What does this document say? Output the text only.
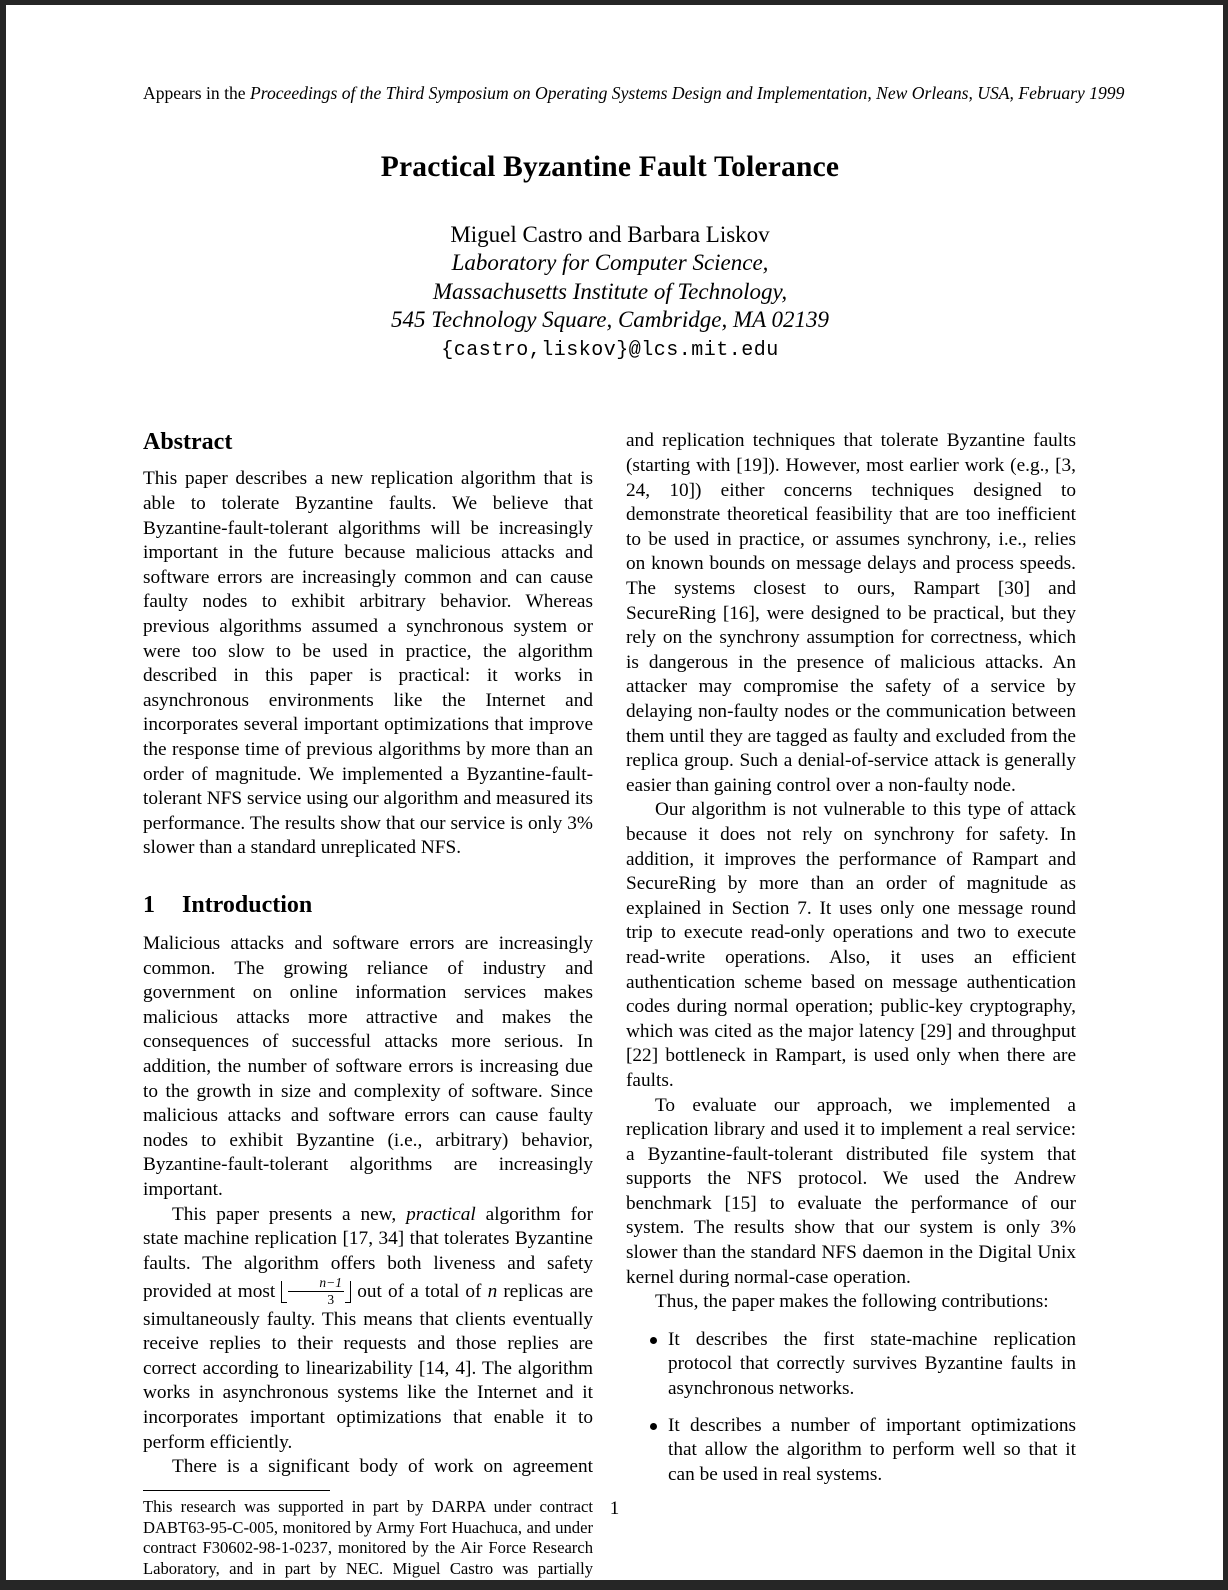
Appears in the Proceedings of the Third Symposium on Operating Systems Design and Implementation, New Orleans, USA, February 1999
Practical Byzantine Fault Tolerance
Miguel Castro and Barbara Liskov
Laboratory for Computer Science,
Massachusetts Institute of Technology,
545 Technology Square, Cambridge, MA 02139
{castro,liskov}@lcs.mit.edu
Abstract

This paper describes a new replication algorithm that is able to tolerate Byzantine faults. We believe that Byzantine-fault-tolerant algorithms will be increasingly important in the future because malicious attacks and software errors are increasingly common and can cause faulty nodes to exhibit arbitrary behavior. Whereas previous algorithms assumed a synchronous system or were too slow to be used in practice, the algorithm described in this paper is practical: it works in asynchronous environments like the Internet and incorporates several important optimizations that improve the response time of previous algorithms by more than an order of magnitude. We implemented a Byzantine-fault-tolerant NFS service using our algorithm and measured its performance. The results show that our service is only 3% slower than a standard unreplicated NFS.

1 Introduction

Malicious attacks and software errors are increasingly common. The growing reliance of industry and government on online information services makes malicious attacks more attractive and makes the consequences of successful attacks more serious. In addition, the number of software errors is increasing due to the growth in size and complexity of software. Since malicious attacks and software errors can cause faulty nodes to exhibit Byzantine (i.e., arbitrary) behavior, Byzantine-fault-tolerant algorithms are increasingly important.

This paper presents a new, practical algorithm for state machine replication [17, 34] that tolerates Byzantine faults. The algorithm offers both liveness and safety provided at most $\frac{n-1}{3}$ out of a total of n replicas are simultaneously faulty. This means that clients eventually receive replies to their requests and those replies are correct according to linearizability [14, 4]. The algorithm works in asynchronous systems like the Internet and it incorporates important optimizations that enable it to perform efficiently.

There is a significant body of work on agreement

This research was supported in part by DARPA under contract DABT63-95-C-005, monitored by Army Fort Huachuca, and under contract F30602-98-1-0237, monitored by the Air Force Research Laboratory, and in part by NEC. Miguel Castro was partially supported by a PRAXIS XXI fellowship.

and replication techniques that tolerate Byzantine faults (starting with [19]). However, most earlier work (e.g., [3, 24, 10]) either concerns techniques designed to demonstrate theoretical feasibility that are too inefficient to be used in practice, or assumes synchrony, i.e., relies on known bounds on message delays and process speeds. The systems closest to ours, Rampart [30] and SecureRing [16], were designed to be practical, but they rely on the synchrony assumption for correctness, which is dangerous in the presence of malicious attacks. An attacker may compromise the safety of a service by delaying non-faulty nodes or the communication between them until they are tagged as faulty and excluded from the replica group. Such a denial-of-service attack is generally easier than gaining control over a non-faulty node.

Our algorithm is not vulnerable to this type of attack because it does not rely on synchrony for safety. In addition, it improves the performance of Rampart and SecureRing by more than an order of magnitude as explained in Section 7. It uses only one message round trip to execute read-only operations and two to execute read-write operations. Also, it uses an efficient authentication scheme based on message authentication codes during normal operation; public-key cryptography, which was cited as the major latency [29] and throughput [22] bottleneck in Rampart, is used only when there are faults.

To evaluate our approach, we implemented a replication library and used it to implement a real service: a Byzantine-fault-tolerant distributed file system that supports the NFS protocol. We used the Andrew benchmark [15] to evaluate the performance of our system. The results show that our system is only 3% slower than the standard NFS daemon in the Digital Unix kernel during normal-case operation.

Thus, the paper makes the following contributions:

It describes the first state-machine replication protocol that correctly survives Byzantine faults in asynchronous networks.
It describes a number of important optimizations that allow the algorithm to perform well so that it can be used in real systems.
1
